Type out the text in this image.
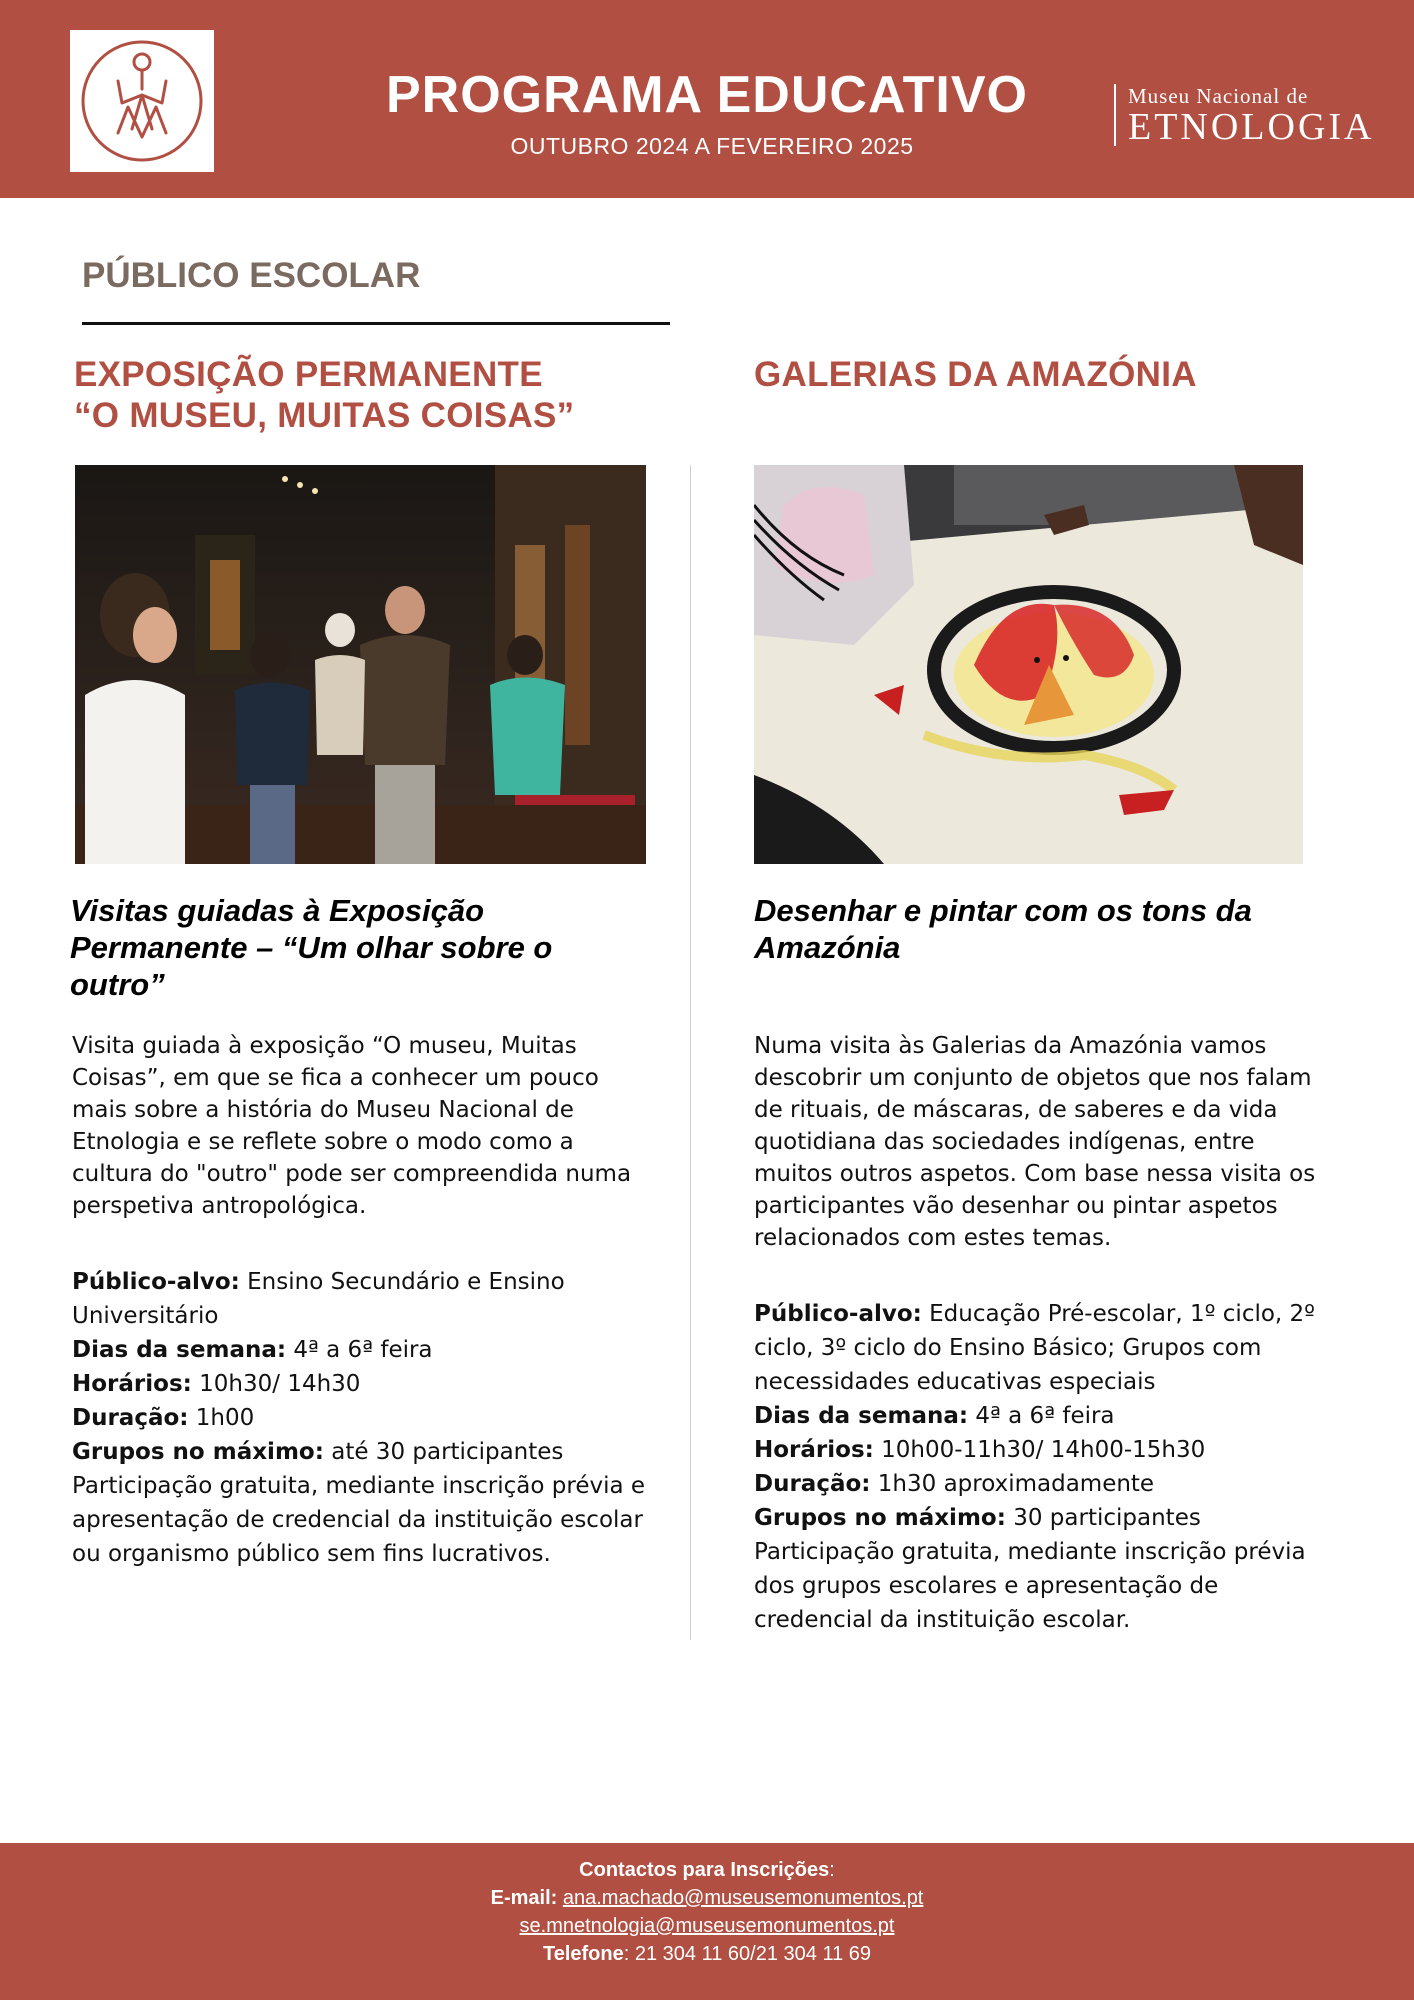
PROGRAMA EDUCATIVO
OUTUBRO 2024 A FEVEREIRO 2025
Museu Nacional de
ETNOLOGIA
PÚBLICO ESCOLAR
EXPOSIÇÃO PERMANENTE
“O MUSEU, MUITAS COISAS”
Visitas guiadas à Exposição Permanente – “Um olhar sobre o outro”
Visita guiada à exposição “O museu, Muitas Coisas”, em que se fica a conhecer um pouco mais sobre a história do Museu Nacional de Etnologia e se reflete sobre o modo como a cultura do "outro" pode ser compreendida numa perspetiva antropológica.
Público-alvo: Ensino Secundário e Ensino Universitário
Dias da semana: 4ª a 6ª feira
Horários: 10h30/ 14h30
Duração: 1h00
Grupos no máximo: até 30 participantes
Participação gratuita, mediante inscrição prévia e apresentação de credencial da instituição escolar ou organismo público sem fins lucrativos.
GALERIAS DA AMAZÓNIA
Desenhar e pintar com os tons da Amazónia
Numa visita às Galerias da Amazónia vamos descobrir um conjunto de objetos que nos falam de rituais, de máscaras, de saberes e da vida quotidiana das sociedades indígenas, entre muitos outros aspetos. Com base nessa visita os participantes vão desenhar ou pintar aspetos relacionados com estes temas.
Público-alvo: Educação Pré-escolar, 1º ciclo, 2º ciclo, 3º ciclo do Ensino Básico; Grupos com necessidades educativas especiais
Dias da semana: 4ª a 6ª feira
Horários: 10h00-11h30/ 14h00-15h30
Duração: 1h30 aproximadamente
Grupos no máximo: 30 participantes
Participação gratuita, mediante inscrição prévia dos grupos escolares e apresentação de credencial da instituição escolar.
Contactos para Inscrições:
E-mail: ana.machado@museusemonumentos.pt
se.mnetnologia@museusemonumentos.pt
Telefone: 21 304 11 60/21 304 11 69
